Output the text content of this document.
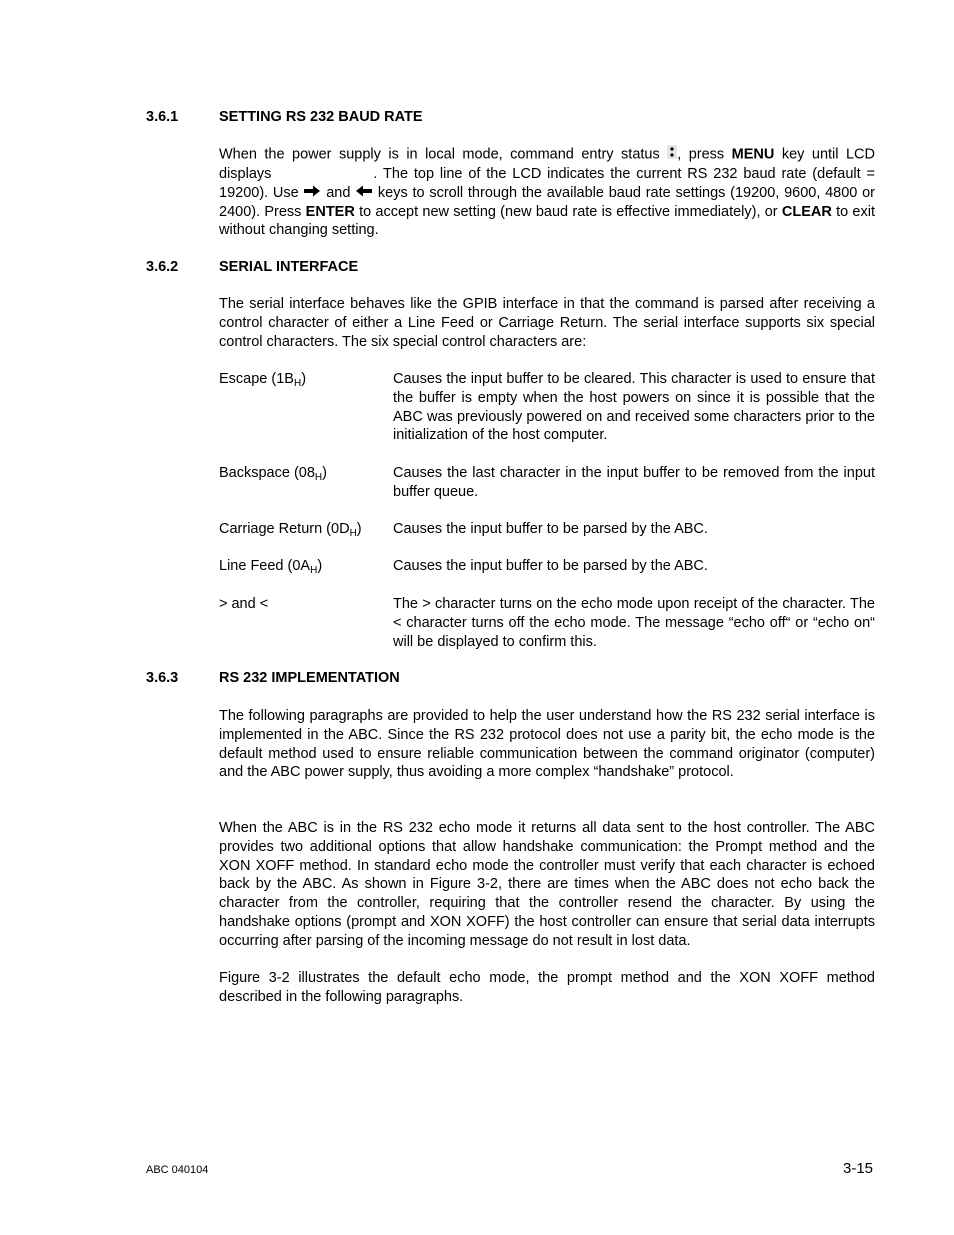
3.6.1	SETTING RS 232 BAUD RATE
When the power supply is in local mode, command entry status , press MENU key until LCD displays	. The top line of the LCD indicates the current RS 232 baud rate (default = 19200). Use and keys to scroll through the available baud rate settings (19200, 9600, 4800 or 2400). Press ENTER to accept new setting (new baud rate is effective immediately), or CLEAR to exit without changing setting.
3.6.2	SERIAL INTERFACE
The serial interface behaves like the GPIB interface in that the command is parsed after receiving a control character of either a Line Feed or Carriage Return. The serial interface supports six special control characters. The six special control characters are:
Escape $(1B_H)$	Causes the input buffer to be cleared. This character is used to ensure that the buffer is empty when the host powers on since it is possible that the ABC was previously powered on and received some characters prior to the initialization of the host computer.
Backspace $(08_H)$	Causes the last character in the input buffer to be removed from the input buffer queue.
Carriage Return $(0D_H)$	Causes the input buffer to be parsed by the ABC.
Line Feed $(0A_H)$	Causes the input buffer to be parsed by the ABC.
> and <	The > character turns on the echo mode upon receipt of the character. The < character turns off the echo mode. The message “echo off“ or “echo on“ will be displayed to confirm this.
3.6.3	RS 232 IMPLEMENTATION
The following paragraphs are provided to help the user understand how the RS 232 serial interface is implemented in the ABC. Since the RS 232 protocol does not use a parity bit, the echo mode is the default method used to ensure reliable communication between the command originator (computer) and the ABC power supply, thus avoiding a more complex “handshake” protocol.
When the ABC is in the RS 232 echo mode it returns all data sent to the host controller. The ABC provides two additional options that allow handshake communication: the Prompt method and the XON XOFF method. In standard echo mode the controller must verify that each character is echoed back by the ABC. As shown in Figure 3-2, there are times when the ABC does not echo back the character from the controller, requiring that the controller resend the character. By using the handshake options (prompt and XON XOFF) the host controller can ensure that serial data interrupts occurring after parsing of the incoming message do not result in lost data.
Figure 3-2 illustrates the default echo mode, the prompt method and the XON XOFF method described in the following paragraphs.
ABC 040104	3-15
